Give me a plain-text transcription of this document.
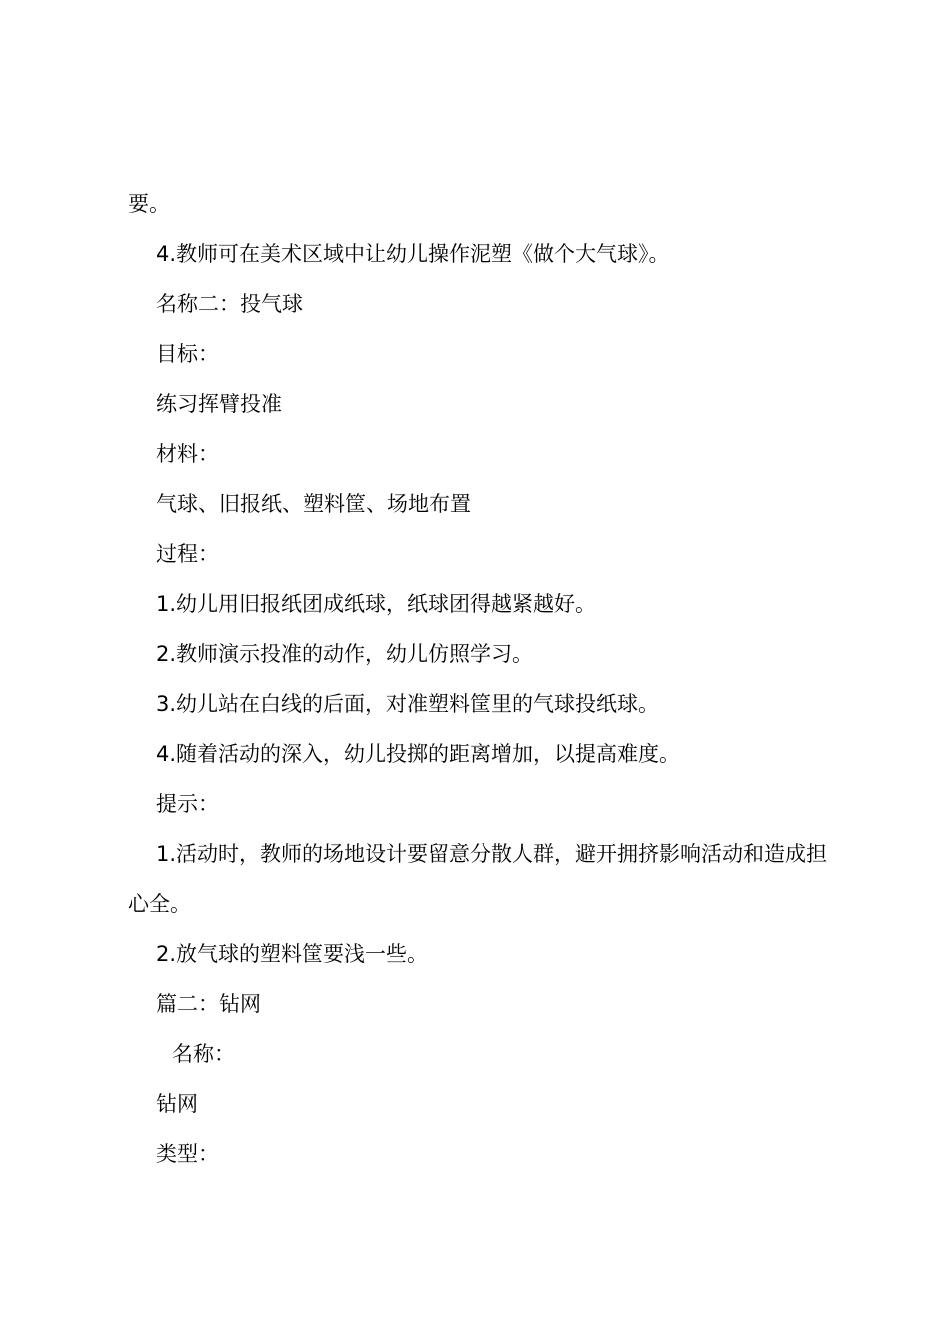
要。
4.教师可在美术区域中让幼儿操作泥塑《做个大气球》。
名称二：投气球
目标：
练习挥臂投准
材料：
气球、旧报纸、塑料筐、场地布置
过程：
1.幼儿用旧报纸团成纸球，纸球团得越紧越好。
2.教师演示投准的动作，幼儿仿照学习。
3.幼儿站在白线的后面，对准塑料筐里的气球投纸球。
4.随着活动的深入，幼儿投掷的距离增加，以提高难度。
提示：
1.活动时，教师的场地设计要留意分散人群，避开拥挤影响活动和造成担心全。
2.放气球的塑料筐要浅一些。
篇二：钻网
名称：
钻网
类型：
